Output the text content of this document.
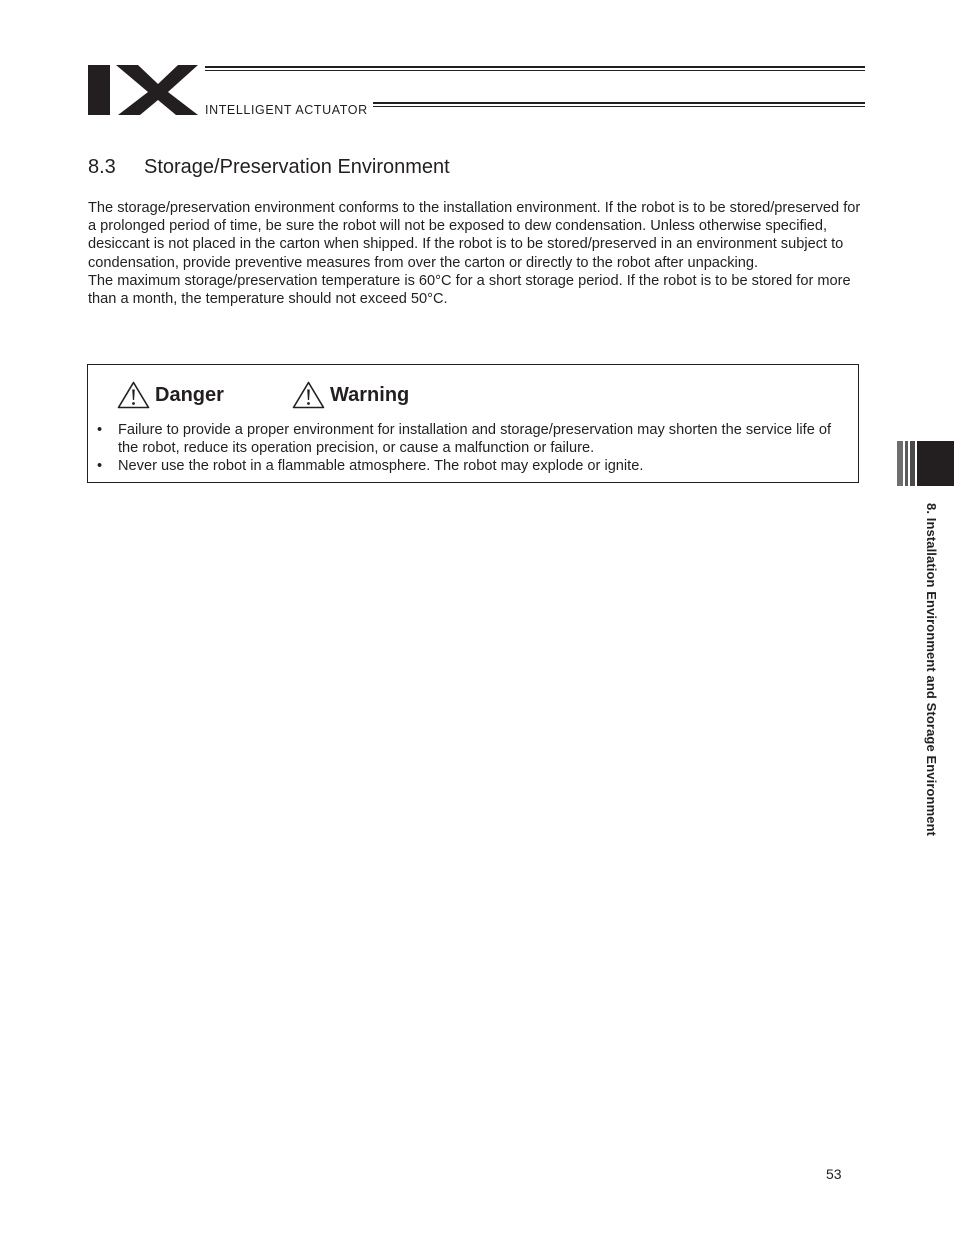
INTELLIGENT ACTUATOR
8.3 Storage/Preservation Environment

The storage/preservation environment conforms to the installation environment. If the robot is to be stored/preserved for a prolonged period of time, be sure the robot will not be exposed to dew condensation. Unless otherwise specified, desiccant is not placed in the carton when shipped. If the robot is to be stored/preserved in an environment subject to condensation, provide preventive measures from over the carton or directly to the robot after unpacking.

The maximum storage/preservation temperature is 60°C for a short storage period. If the robot is to be stored for more than a month, the temperature should not exceed 50°C.

Danger	Warning
•	Failure to provide a proper environment for installation and storage/preservation may shorten the service life of the robot, reduce its operation precision, or cause a malfunction or failure.
•	Never use the robot in a flammable atmosphere. The robot may explode or ignite.
8. Installation Environment and Storage Environment
53
